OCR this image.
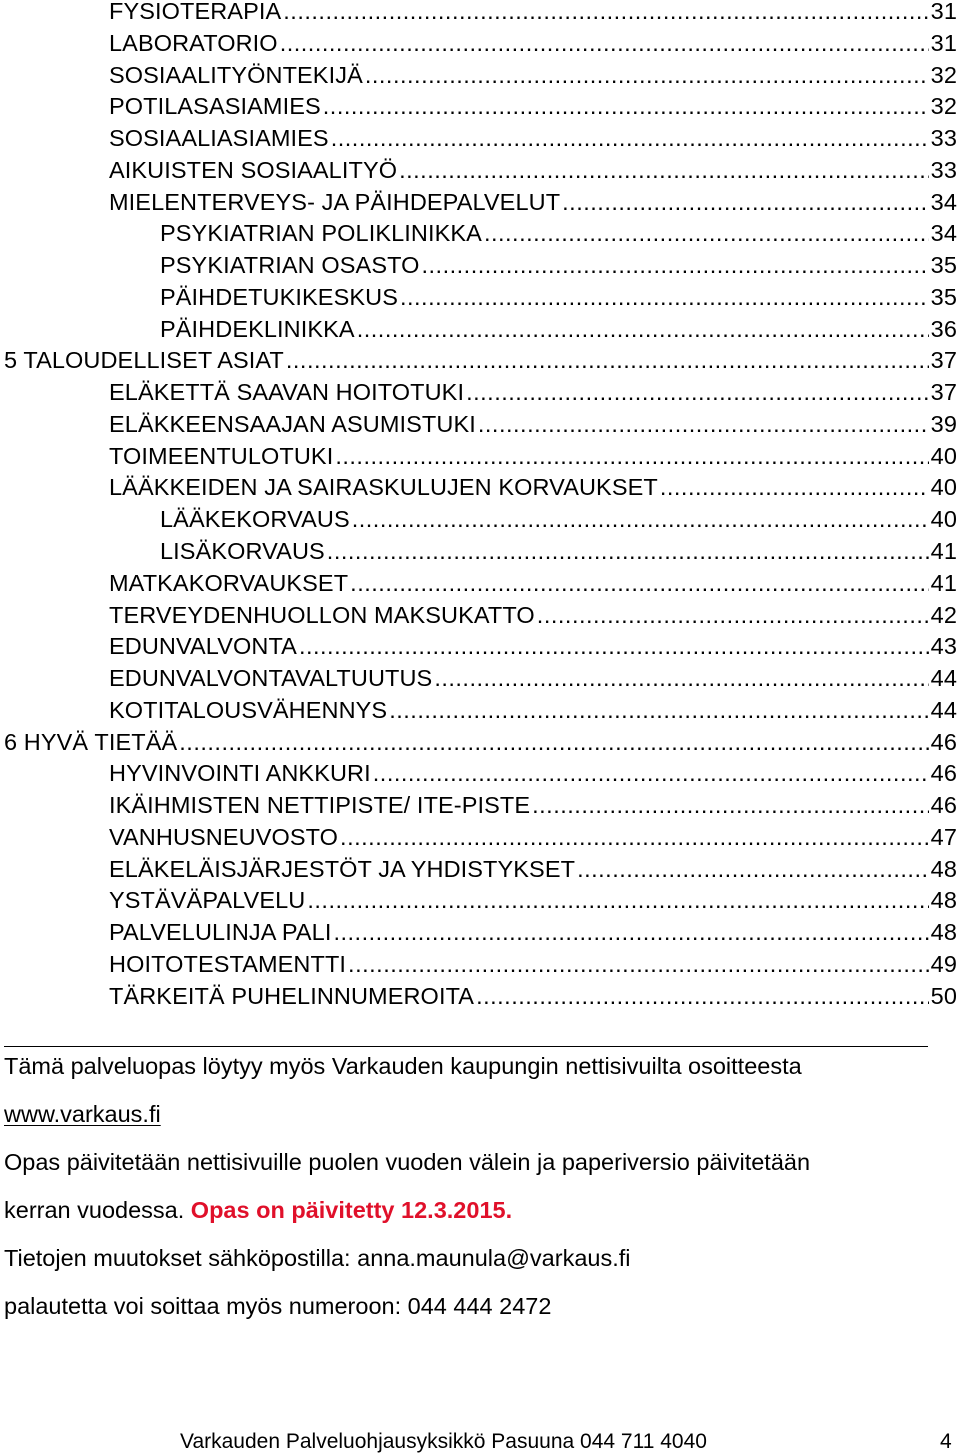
FYSIOTERAPIA .....	31
LABORATORIO .....	31
SOSIAALITYÖNTEKIJÄ .....	32
POTILASASIAMIES .....	32
SOSIAALIASIAMIES .....	33
AIKUISTEN SOSIAALITYÖ .....	33
MIELENTERVEYS- JA PÄIHDEPALVELUT .....	34
PSYKIATRIAN POLIKLINIKKA .....	34
PSYKIATRIAN OSASTO .....	35
PÄIHDETUKIKESKUS .....	35
PÄIHDEKLINIKKA .....	36
5 TALOUDELLISET ASIAT .....	37
ELÄKETTÄ SAAVAN HOITOTUKI .....	37
ELÄKKEENSAAJAN ASUMISTUKI .....	39
TOIMEENTULOTUKI .....	40
LÄÄKKEIDEN JA SAIRASKULUJEN KORVAUKSET .....	40
LÄÄKEKORVAUS .....	40
LISÄKORVAUS .....	41
MATKAKORVAUKSET .....	41
TERVEYDENHUOLLON MAKSUKATTO .....	42
EDUNVALVONTA .....	43
EDUNVALVONTAVALTUUTUS .....	44
KOTITALOUSVÄHENNYS .....	44
6 HYVÄ TIETÄÄ .....	46
HYVINVOINTI ANKKURI .....	46
IKÄIHMISTEN NETTIPISTE/ ITE-PISTE .....	46
VANHUSNEUVOSTO .....	47
ELÄKELÄISJÄRJESTÖT JA YHDISTYKSET .....	48
YSTÄVÄPALVELU .....	48
PALVELULINJA PALI .....	48
HOITOTESTAMENTTI .....	49
TÄRKEITÄ PUHELINNUMEROITA .....	50
Tämä palveluopas löytyy myös Varkauden kaupungin nettisivuilta osoitteesta
www.varkaus.fi
Opas päivitetään nettisivuille puolen vuoden välein ja paperiversio päivitetään
kerran vuodessa. Opas on päivitetty 12.3.2015.
Tietojen muutokset sähköpostilla: anna.maunula@varkaus.fi
palautetta voi soittaa myös numeroon: 044 444 2472
Varkauden Palveluohjausyksikkö Pasuuna 044 711 4040	4
